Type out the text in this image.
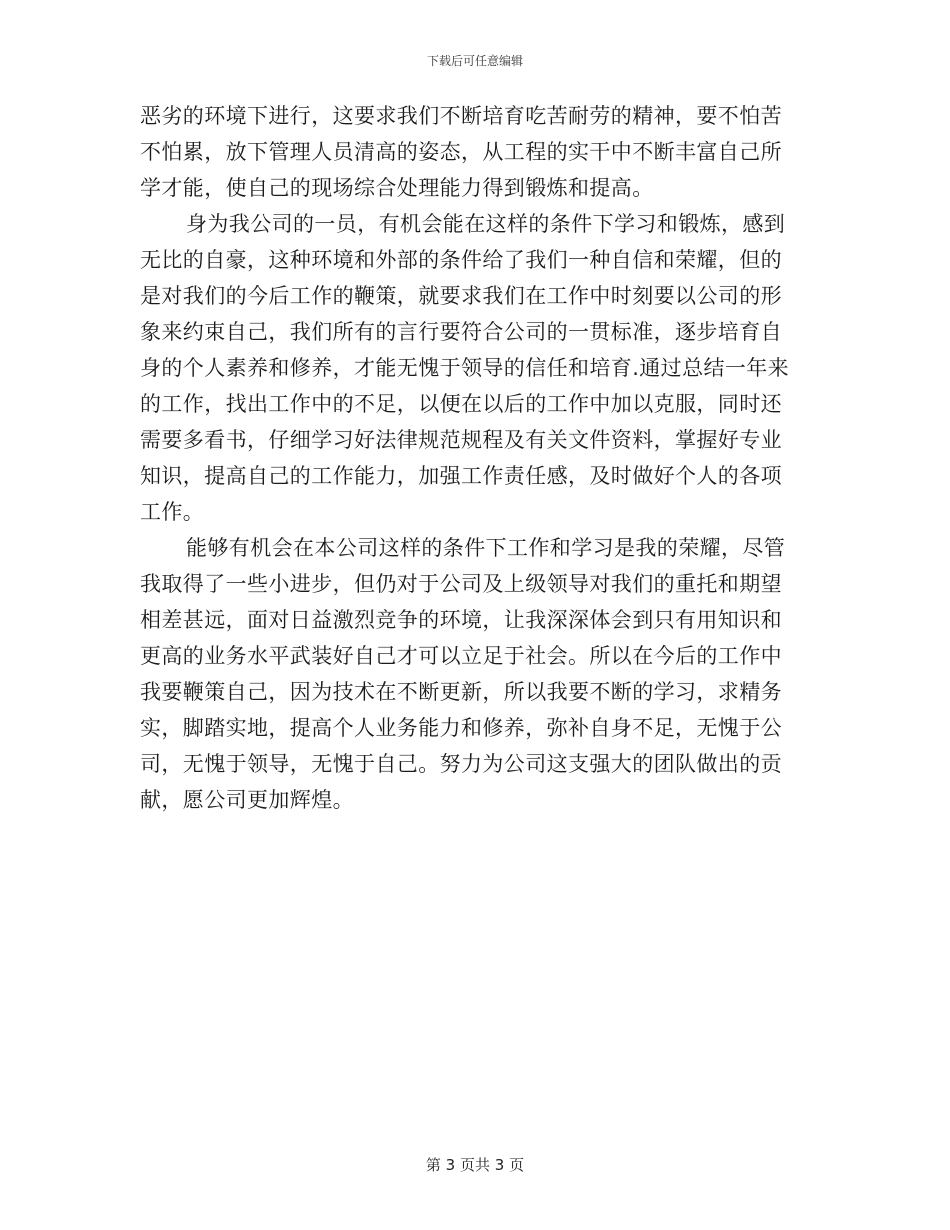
下载后可任意编辑
恶劣的环境下进行，这要求我们不断培育吃苦耐劳的精神，要不怕苦
不怕累，放下管理人员清高的姿态，从工程的实干中不断丰富自己所
学才能，使自己的现场综合处理能力得到锻炼和提高。
身为我公司的一员，有机会能在这样的条件下学习和锻炼，感到
无比的自豪，这种环境和外部的条件给了我们一种自信和荣耀，但的
是对我们的今后工作的鞭策，就要求我们在工作中时刻要以公司的形
象来约束自己，我们所有的言行要符合公司的一贯标准，逐步培育自
身的个人素养和修养，才能无愧于领导的信任和培育.通过总结一年来
的工作，找出工作中的不足，以便在以后的工作中加以克服，同时还
需要多看书，仔细学习好法律规范规程及有关文件资料，掌握好专业
知识，提高自己的工作能力，加强工作责任感，及时做好个人的各项
工作。
能够有机会在本公司这样的条件下工作和学习是我的荣耀，尽管
我取得了一些小进步，但仍对于公司及上级领导对我们的重托和期望
相差甚远，面对日益激烈竞争的环境，让我深深体会到只有用知识和
更高的业务水平武装好自己才可以立足于社会。所以在今后的工作中
我要鞭策自己，因为技术在不断更新，所以我要不断的学习，求精务
实，脚踏实地，提高个人业务能力和修养，弥补自身不足，无愧于公
司，无愧于领导，无愧于自己。努力为公司这支强大的团队做出的贡
献，愿公司更加辉煌。
第 3 页共 3 页
